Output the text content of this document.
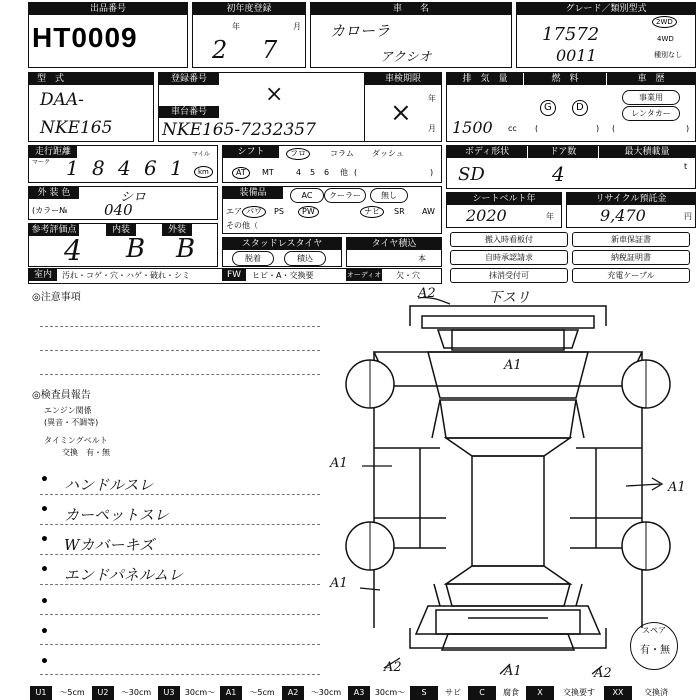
出品番号
HT0009
初年度登録
2
年
7
月
車　　名
カローラ
アクシオ
グレード／類別型式
17572
0011
2WD
4WD
種別なし
型　式
DAA-
NKE165
登録番号
×
車台番号
NKE165-7232357
車検期限
× 年
月
排　気　量
1500 cc
燃　料
G	D
(	)
車　歴
事業用
レンタカー
(	)
走行距離
マーク 1 8 4 6 1
マイル
km
シフト	フロ	コラム ダッシュ
AT	MT	4 5 6 他 (	)
ボディ形状
SD
ドア数
4
最大積載量
t
外 装 色	シロ
(カラー№ 040
装備品	AC	クーラー	無し
エア パワ	PS	PW	ナビ	SR AW
その他（
シートベルト年
2020	年
リサイクル預託金
9,470	円
参考評価点
4
内装
B
外装
B	スタッドレスタイヤ
脱着	積込
タイヤ積込
本
搬入時看板付	新車保証書
自時承認請求	納税証明書
抹消受付可	充電ケーブル
室内	汚れ・コゲ・穴・ハゲ・破れ・シミ	FW	ヒビ・A・交換要	オーディオ 欠・穴
◎注意事項
◎検査員報告
エンジン関係
(異音・不調等)
タイミングベルト
交換　有・無
• ハンドルスレ
• カーペットスレ
• Wカバーキズ
• エンドパネルムレ
•
•
•
下スリ
A2
A1
A1
A1
A1
A2	A1	A2
スペア
有・無
U1	〜5cm	U2	〜30cm	U3	30cm〜	A1	〜5cm	A2	〜30cm	A3	30cm〜	S	サビ	C	腐食	X	交換要す	XX	交換済
